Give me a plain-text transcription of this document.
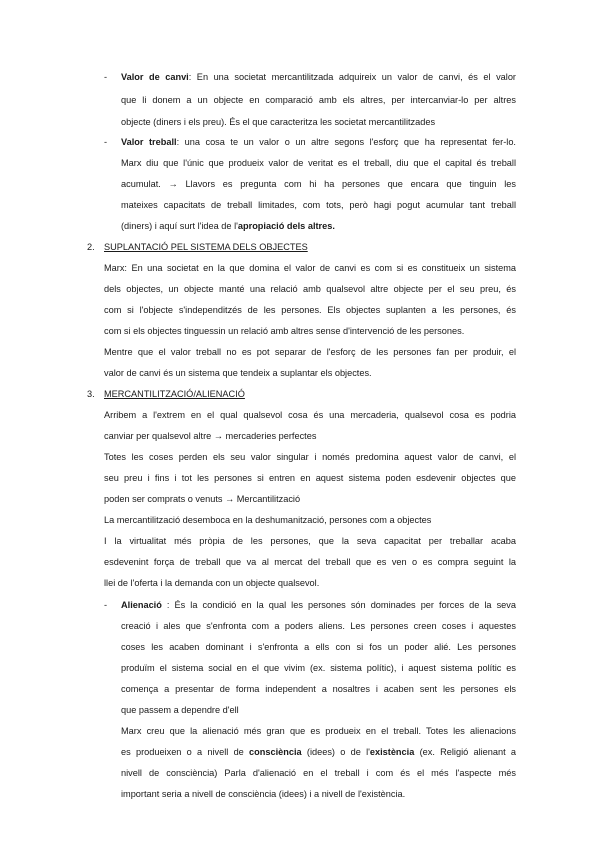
- Valor de canvi: En una societat mercantilitzada adquireix un valor de canvi, és el valor
que li donem a un objecte en comparació amb els altres, per intercanviar-lo per altres
objecte (diners i els preu). És el que caracteritza les societat mercantilitzades
- Valor treball: una cosa te un valor o un altre segons l'esforç que ha representat fer-lo.
Marx diu que l'únic que produeix valor de veritat es el treball, diu que el capital és treball
acumulat. → Llavors es pregunta com hi ha persones que encara que tinguin les
mateixes capacitats de treball limitades, com tots, però hagi pogut acumular tant treball
(diners) i aquí surt l'idea de l'apropiació dels altres.
2. SUPLANTACIÓ PEL SISTEMA DELS OBJECTES
Marx: En una societat en la que domina el valor de canvi es com si es constitueix un sistema
dels objectes, un objecte manté una relació amb qualsevol altre objecte per el seu preu, és
com si l'objecte s'independitzés de les persones. Els objectes suplanten a les persones, és
com si els objectes tinguessin un relació amb altres sense d'intervenció de les persones.
Mentre que el valor treball no es pot separar de l'esforç de les persones fan per produir, el
valor de canvi és un sistema que tendeix a suplantar els objectes.
3. MERCANTILITZACIÓ/ALIENACIÓ
Arribem a l'extrem en el qual qualsevol cosa és una mercaderia, qualsevol cosa es podria
canviar per qualsevol altre → mercaderies perfectes
Totes les coses perden els seu valor singular i només predomina aquest valor de canvi, el
seu preu i fins i tot les persones si entren en aquest sistema poden esdevenir objectes que
poden ser comprats o venuts → Mercantilització
La mercantilització desemboca en la deshumanització, persones com a objectes
I la virtualitat més pròpia de les persones, que la seva capacitat per treballar acaba
esdevenint força de treball que va al mercat del treball que es ven o es compra seguint la
llei de l'oferta i la demanda con un objecte qualsevol.
- Alienació : És la condició en la qual les persones són dominades per forces de la seva
creació i ales que s'enfronta com a poders aliens. Les persones creen coses i aquestes
coses les acaben dominant i s'enfronta a ells con si fos un poder alié. Les persones
produïm el sistema social en el que vivim (ex. sistema polític), i aquest sistema polític es
comença a presentar de forma independent a nosaltres i acaben sent les persones els
que passem a dependre d'ell
Marx creu que la alienació més gran que es produeix en el treball. Totes les alienacions
es produeixen o a nivell de consciència (idees) o de l'existència (ex. Religió alienant a
nivell de consciència) Parla d'alienació en el treball i com és el més l'aspecte més
important seria a nivell de consciència (idees) i a nivell de l'existència.
